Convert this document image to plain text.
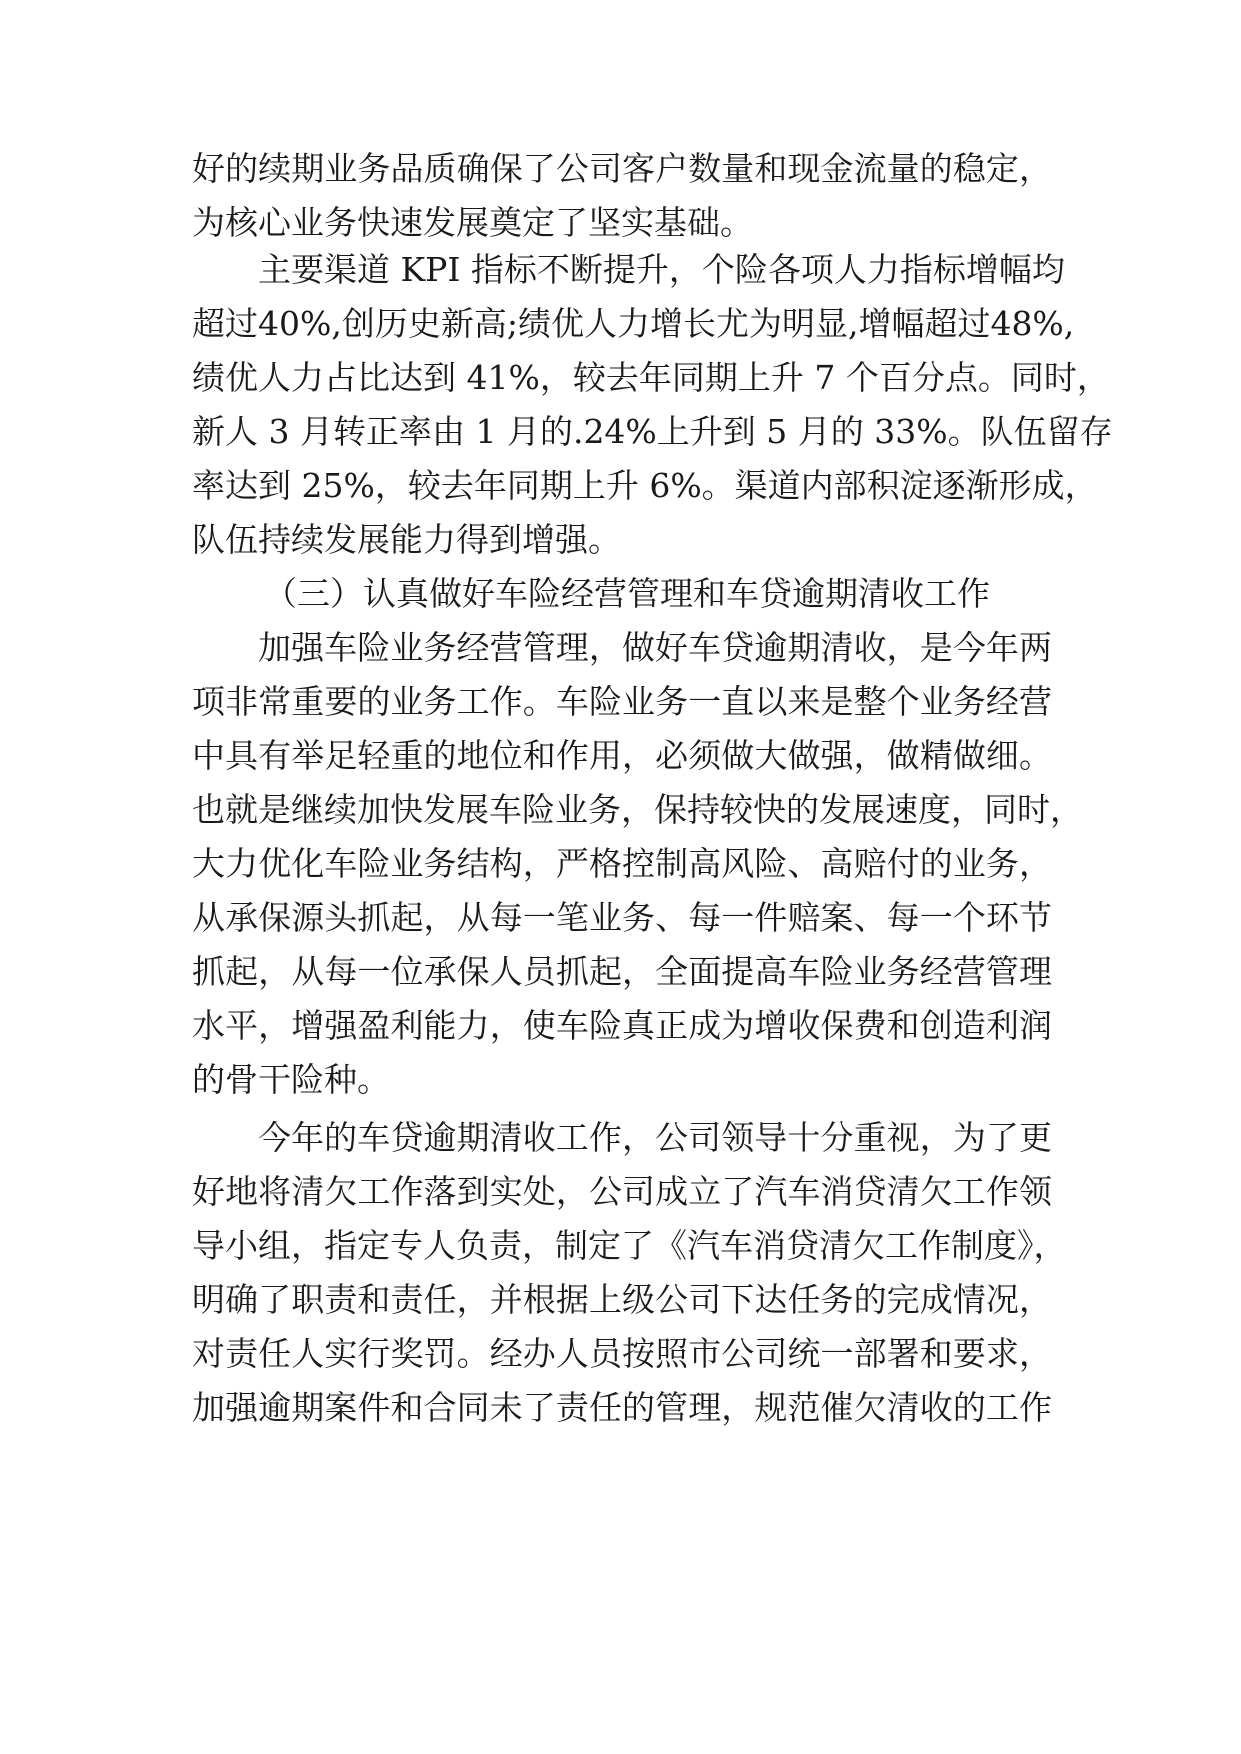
好的续期业务品质确保了公司客户数量和现金流量的稳定，
为核心业务快速发展奠定了坚实基础。
主要渠道 KPI 指标不断提升，个险各项人力指标增幅均
超过40%,创历史新高;绩优人力增长尤为明显,增幅超过48%,
绩优人力占比达到 41%，较去年同期上升 7 个百分点。同时，
新人 3 月转正率由 1 月的.24%上升到 5 月的 33%。队伍留存
率达到 25%，较去年同期上升 6%。渠道内部积淀逐渐形成，
队伍持续发展能力得到增强。
（三）认真做好车险经营管理和车贷逾期清收工作
加强车险业务经营管理，做好车贷逾期清收，是今年两
项非常重要的业务工作。车险业务一直以来是整个业务经营
中具有举足轻重的地位和作用，必须做大做强，做精做细。
也就是继续加快发展车险业务，保持较快的发展速度，同时，
大力优化车险业务结构，严格控制高风险、高赔付的业务，
从承保源头抓起，从每一笔业务、每一件赔案、每一个环节
抓起，从每一位承保人员抓起，全面提高车险业务经营管理
水平，增强盈利能力，使车险真正成为增收保费和创造利润
的骨干险种。
今年的车贷逾期清收工作，公司领导十分重视，为了更
好地将清欠工作落到实处，公司成立了汽车消贷清欠工作领
导小组，指定专人负责，制定了《汽车消贷清欠工作制度》，
明确了职责和责任，并根据上级公司下达任务的完成情况，
对责任人实行奖罚。经办人员按照市公司统一部署和要求，
加强逾期案件和合同未了责任的管理，规范催欠清收的工作
